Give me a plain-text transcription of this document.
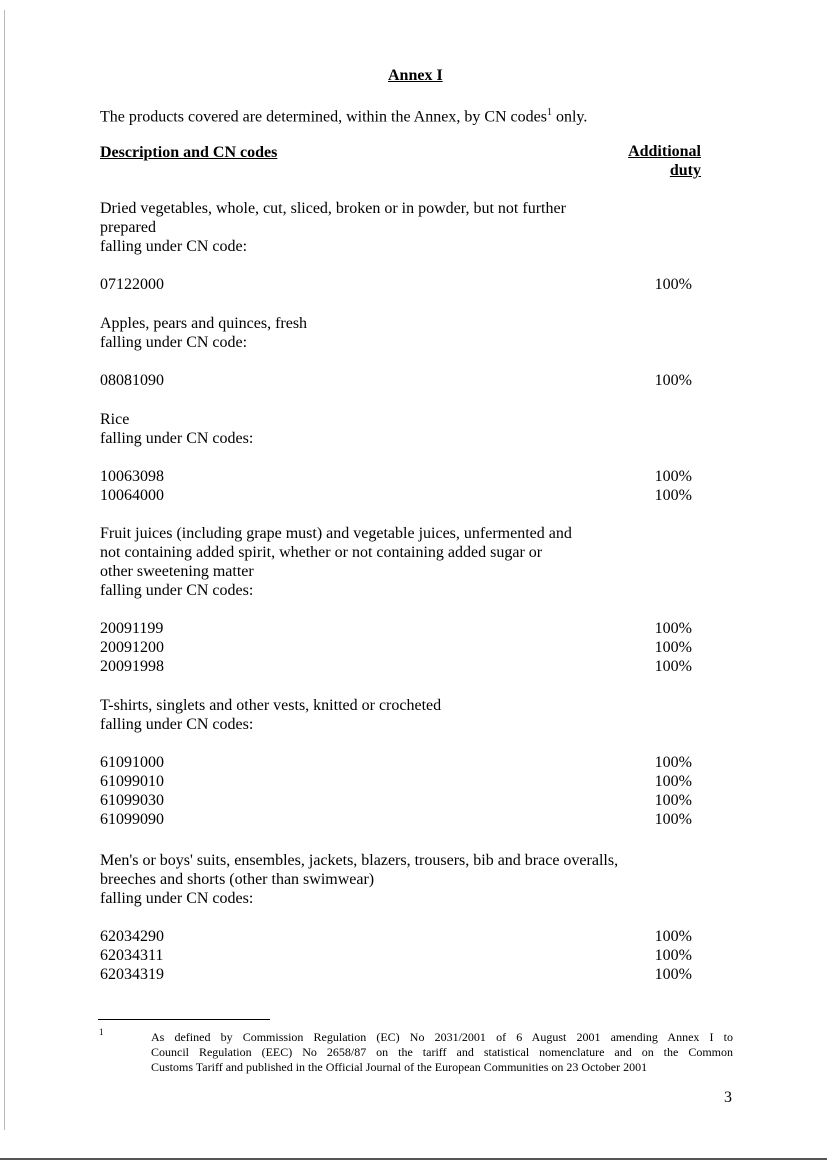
Annex I
The products covered are determined, within the Annex, by CN codes$^1$ only.
Description and CN codes	Additional
duty
Dried vegetables, whole, cut, sliced, broken or in powder, but not further
prepared
falling under CN code:
07122000	100%
Apples, pears and quinces, fresh
falling under CN code:
08081090	100%
Rice
falling under CN codes:
10063098	100%
10064000	100%
Fruit juices (including grape must) and vegetable juices, unfermented and
not containing added spirit, whether or not containing added sugar or
other sweetening matter
falling under CN codes:
20091199	100%
20091200	100%
20091998	100%
T-shirts, singlets and other vests, knitted or crocheted
falling under CN codes:
61091000	100%
61099010	100%
61099030	100%
61099090	100%
Men's or boys' suits, ensembles, jackets, blazers, trousers, bib and brace overalls,
breeches and shorts (other than swimwear)
falling under CN codes:
62034290	100%
62034311	100%
62034319	100%
1	As defined by Commission Regulation (EC) No 2031/2001 of 6 August 2001 amending Annex I to
Council Regulation (EEC) No 2658/87 on the tariff and statistical nomenclature and on the Common
Customs Tariff and published in the Official Journal of the European Communities on 23 October 2001
3
